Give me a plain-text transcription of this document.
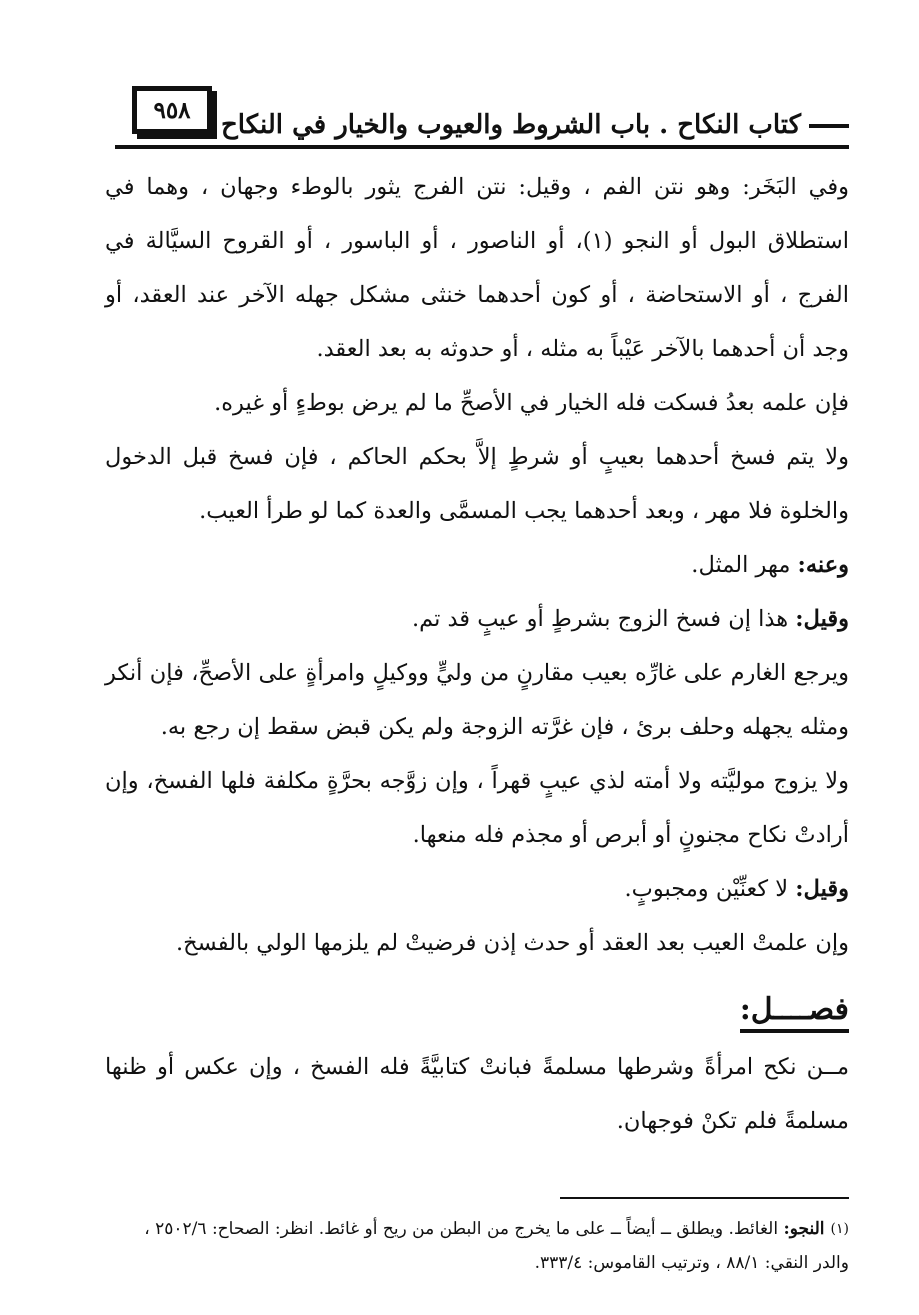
٩٥٨	كتاب النكاح . باب الشروط والعيوب والخيار في النكاح

وفي البَخَر: وهو نتن الفم ، وقيل: نتن الفرج يثور بالوطء وجهان ، وهما في استطلاق البول أو النجو (١)، أو الناصور ، أو الباسور ، أو القروح السيَّالة في الفرج ، أو الاستحاضة ، أو كون أحدهما خنثى مشكل جهله الآخر عند العقد، أو وجد أن أحدهما بالآخر عَيْباً به مثله ، أو حدوثه به بعد العقد.

فإن علمه بعدُ فسكت فله الخيار في الأصحِّ ما لم يرض بوطءٍ أو غيره.

ولا يتم فسخ أحدهما بعيبٍ أو شرطٍ إلاَّ بحكم الحاكم ، فإن فسخ قبل الدخول والخلوة فلا مهر ، وبعد أحدهما يجب المسمَّى والعدة كما لو طرأ العيب.

وعنه: مهر المثل.

وقيل: هذا إن فسخ الزوج بشرطٍ أو عيبٍ قد تم.

ويرجع الغارم على غارِّه بعيب مقارنٍ من وليٍّ ووكيلٍ وامرأةٍ على الأصحِّ، فإن أنكر ومثله يجهله وحلف برئ ، فإن غرَّته الزوجة ولم يكن قبض سقط إن رجع به.

ولا يزوج موليَّته ولا أمته لذي عيبٍ قهراً ، وإن زوَّجه بحرَّةٍ مكلفة فلها الفسخ، وإن أرادتْ نكاح مجنونٍ أو أبرص أو مجذم فله منعها.

وقيل: لا كعنِّيْن ومجبوبٍ.

وإن علمتْ العيب بعد العقد أو حدث إذن فرضيتْ لم يلزمها الولي بالفسخ.

فصــــل:

مــن نكح امرأةً وشرطها مسلمةً فبانتْ كتابيَّةً فله الفسخ ، وإن عكس أو ظنها مسلمةً فلم تكنْ فوجهان.

$^{(١)}$النجو: الغائط. ويطلق ــ أيضاً ــ على ما يخرج من البطن من ريح أو غائط. انظر: الصحاح: ٢٥٠٢/٦ ، والدر النقي: ٨٨/١ ، وترتيب القاموس: ٣٣٣/٤.
